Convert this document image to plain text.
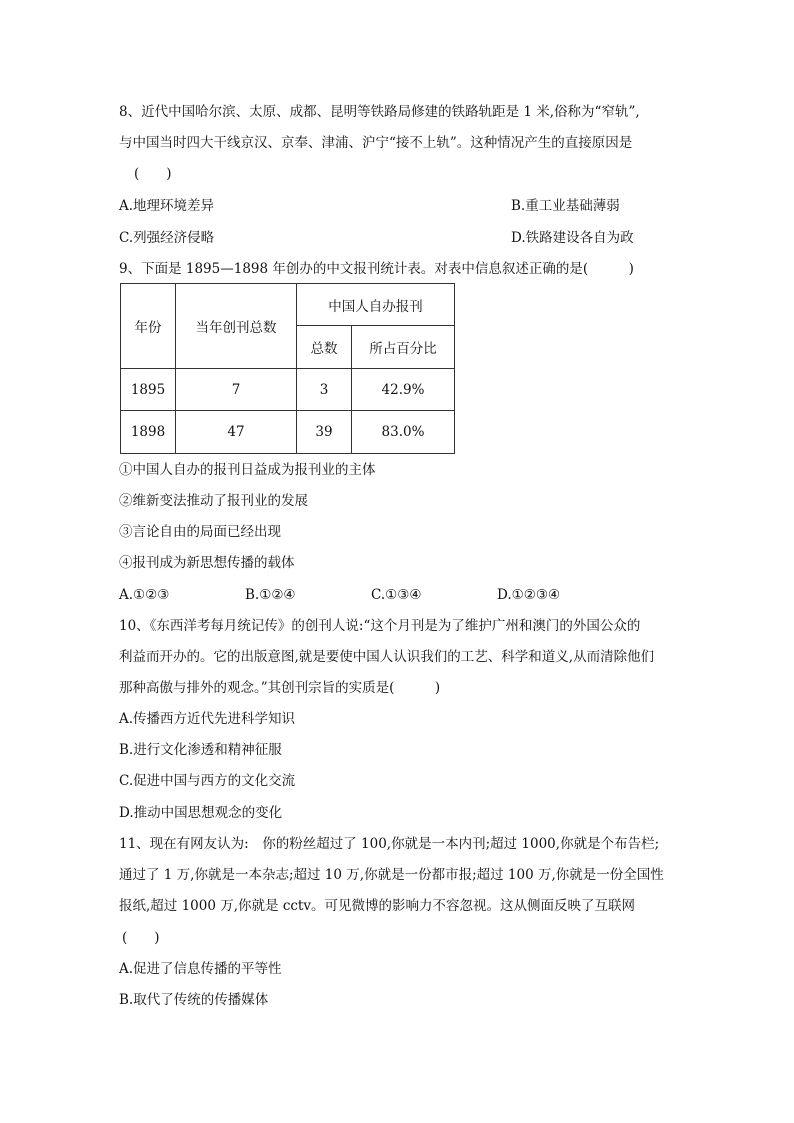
8、近代中国哈尔滨、太原、成都、昆明等铁路局修建的铁路轨距是 1 米,俗称为“窄轨”,
与中国当时四大干线京汉、京奉、津浦、沪宁“接不上轨”。这种情况产生的直接原因是
(　　)
A.地理环境差异	B.重工业基础薄弱
C.列强经济侵略	D.铁路建设各自为政
9、下面是 1895—1898 年创办的中文报刊统计表。对表中信息叙述正确的是(　　　)
年份	当年创刊总数	中国人自办报刊	
		总数	所占百分比
1895	7	3	42.9%
1898	47	39	83.0%
①中国人自办的报刊日益成为报刊业的主体
②维新变法推动了报刊业的发展
③言论自由的局面已经出现
④报刊成为新思想传播的载体
A.①②③	B.①②④	C.①③④	D.①②③④
10、《东西洋考每月统记传》的创刊人说:“这个月刊是为了维护广州和澳门的外国公众的
利益而开办的。它的出版意图,就是要使中国人认识我们的工艺、科学和道义,从而清除他们
那种高傲与排外的观念。”其创刊宗旨的实质是(　　　)
A.传播西方近代先进科学知识
B.进行文化渗透和精神征服
C.促进中国与西方的文化交流
D.推动中国思想观念的变化
11、现在有网友认为:　你的粉丝超过了 100,你就是一本内刊;超过 1000,你就是个布告栏;
通过了 1 万,你就是一本杂志;超过 10 万,你就是一份都市报;超过 100 万,你就是一份全国性
报纸,超过 1000 万,你就是 cctv。可见微博的影响力不容忽视。这从侧面反映了互联网
(　　)
A.促进了信息传播的平等性
B.取代了传统的传播媒体
